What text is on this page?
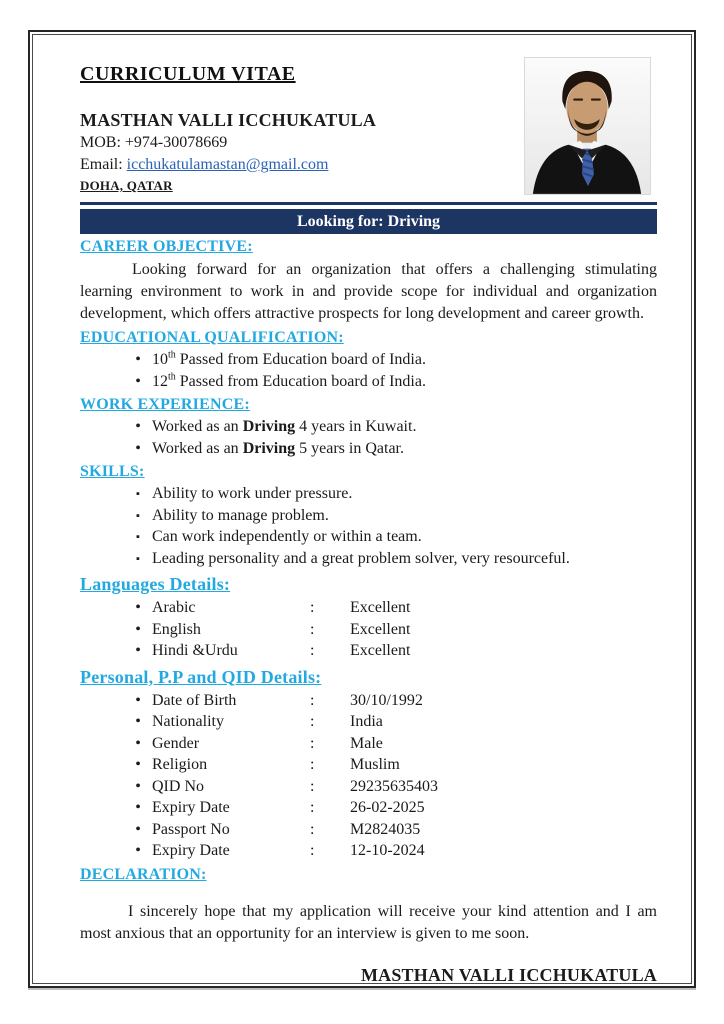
CURRICULUM VITAE
MASTHAN VALLI ICCHUKATULA
MOB: +974-30078669
Email: icchukatulamastan@gmail.com
DOHA, QATAR
Looking for: Driving
CAREER OBJECTIVE:
Looking forward for an organization that offers a challenging stimulating learning environment to work in and provide scope for individual and organization development, which offers attractive prospects for long development and career growth.
EDUCATIONAL QUALIFICATION:
• 10th Passed from Education board of India.
• 12th Passed from Education board of India.
WORK EXPERIENCE:
• Worked as an Driving 4 years in Kuwait.
• Worked as an Driving 5 years in Qatar.
SKILLS:
▪ Ability to work under pressure.
▪ Ability to manage problem.
▪ Can work independently or within a team.
▪ Leading personality and a great problem solver, very resourceful.
Languages Details:
• Arabic	:	Excellent
• English	:	Excellent
• Hindi &Urdu	:	Excellent
Personal, P.P and QID Details:
• Date of Birth	:	30/10/1992
• Nationality	:	India
• Gender	:	Male
• Religion	:	Muslim
• QID No	:	29235635403
• Expiry Date	:	26-02-2025
• Passport No	:	M2824035
• Expiry Date	:	12-10-2024
DECLARATION:
I sincerely hope that my application will receive your kind attention and I am most anxious that an opportunity for an interview is given to me soon.
MASTHAN VALLI ICCHUKATULA
